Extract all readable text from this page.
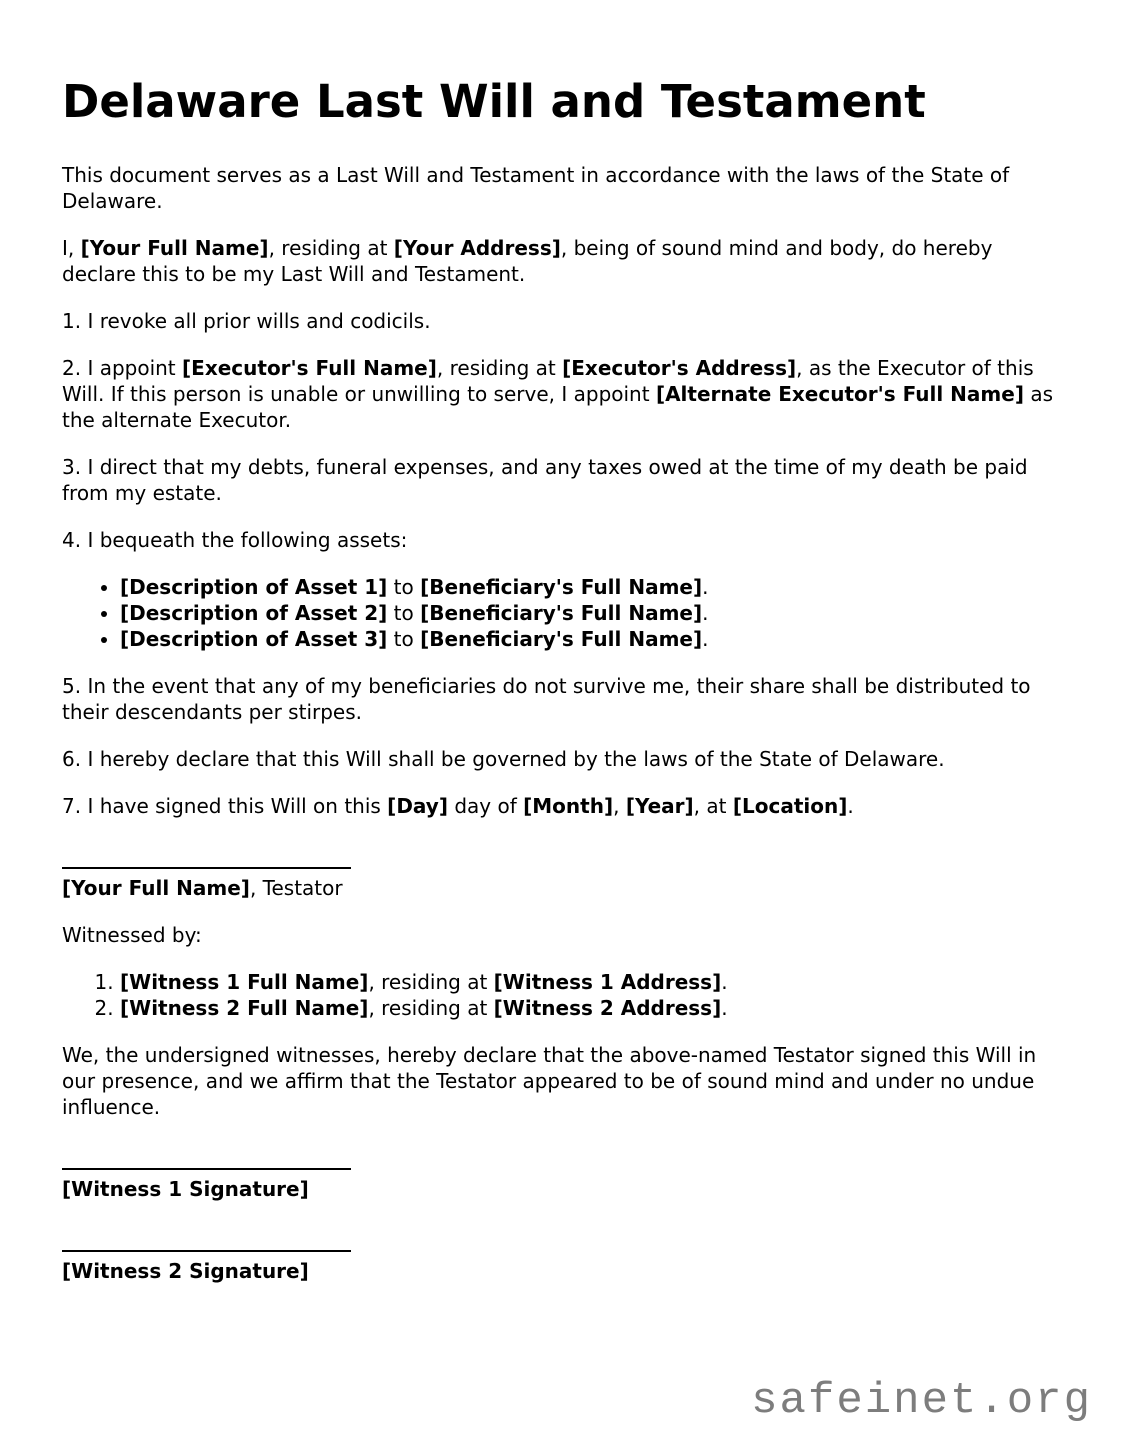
Delaware Last Will and Testament

This document serves as a Last Will and Testament in accordance with the laws of the State of Delaware.

I, [Your Full Name], residing at [Your Address], being of sound mind and body, do hereby declare this to be my Last Will and Testament.

1. I revoke all prior wills and codicils.

2. I appoint [Executor's Full Name], residing at [Executor's Address], as the Executor of this Will. If this person is unable or unwilling to serve, I appoint [Alternate Executor's Full Name] as the alternate Executor.

3. I direct that my debts, funeral expenses, and any taxes owed at the time of my death be paid from my estate.

4. I bequeath the following assets:

• [Description of Asset 1] to [Beneficiary's Full Name].
• [Description of Asset 2] to [Beneficiary's Full Name].
• [Description of Asset 3] to [Beneficiary's Full Name].

5. In the event that any of my beneficiaries do not survive me, their share shall be distributed to their descendants per stirpes.

6. I hereby declare that this Will shall be governed by the laws of the State of Delaware.

7. I have signed this Will on this [Day] day of [Month], [Year], at [Location].

[Your Full Name], Testator

Witnessed by:

1. [Witness 1 Full Name], residing at [Witness 1 Address].
2. [Witness 2 Full Name], residing at [Witness 2 Address].

We, the undersigned witnesses, hereby declare that the above-named Testator signed this Will in our presence, and we affirm that the Testator appeared to be of sound mind and under no undue influence.

[Witness 1 Signature]

[Witness 2 Signature]

safeinet.org
